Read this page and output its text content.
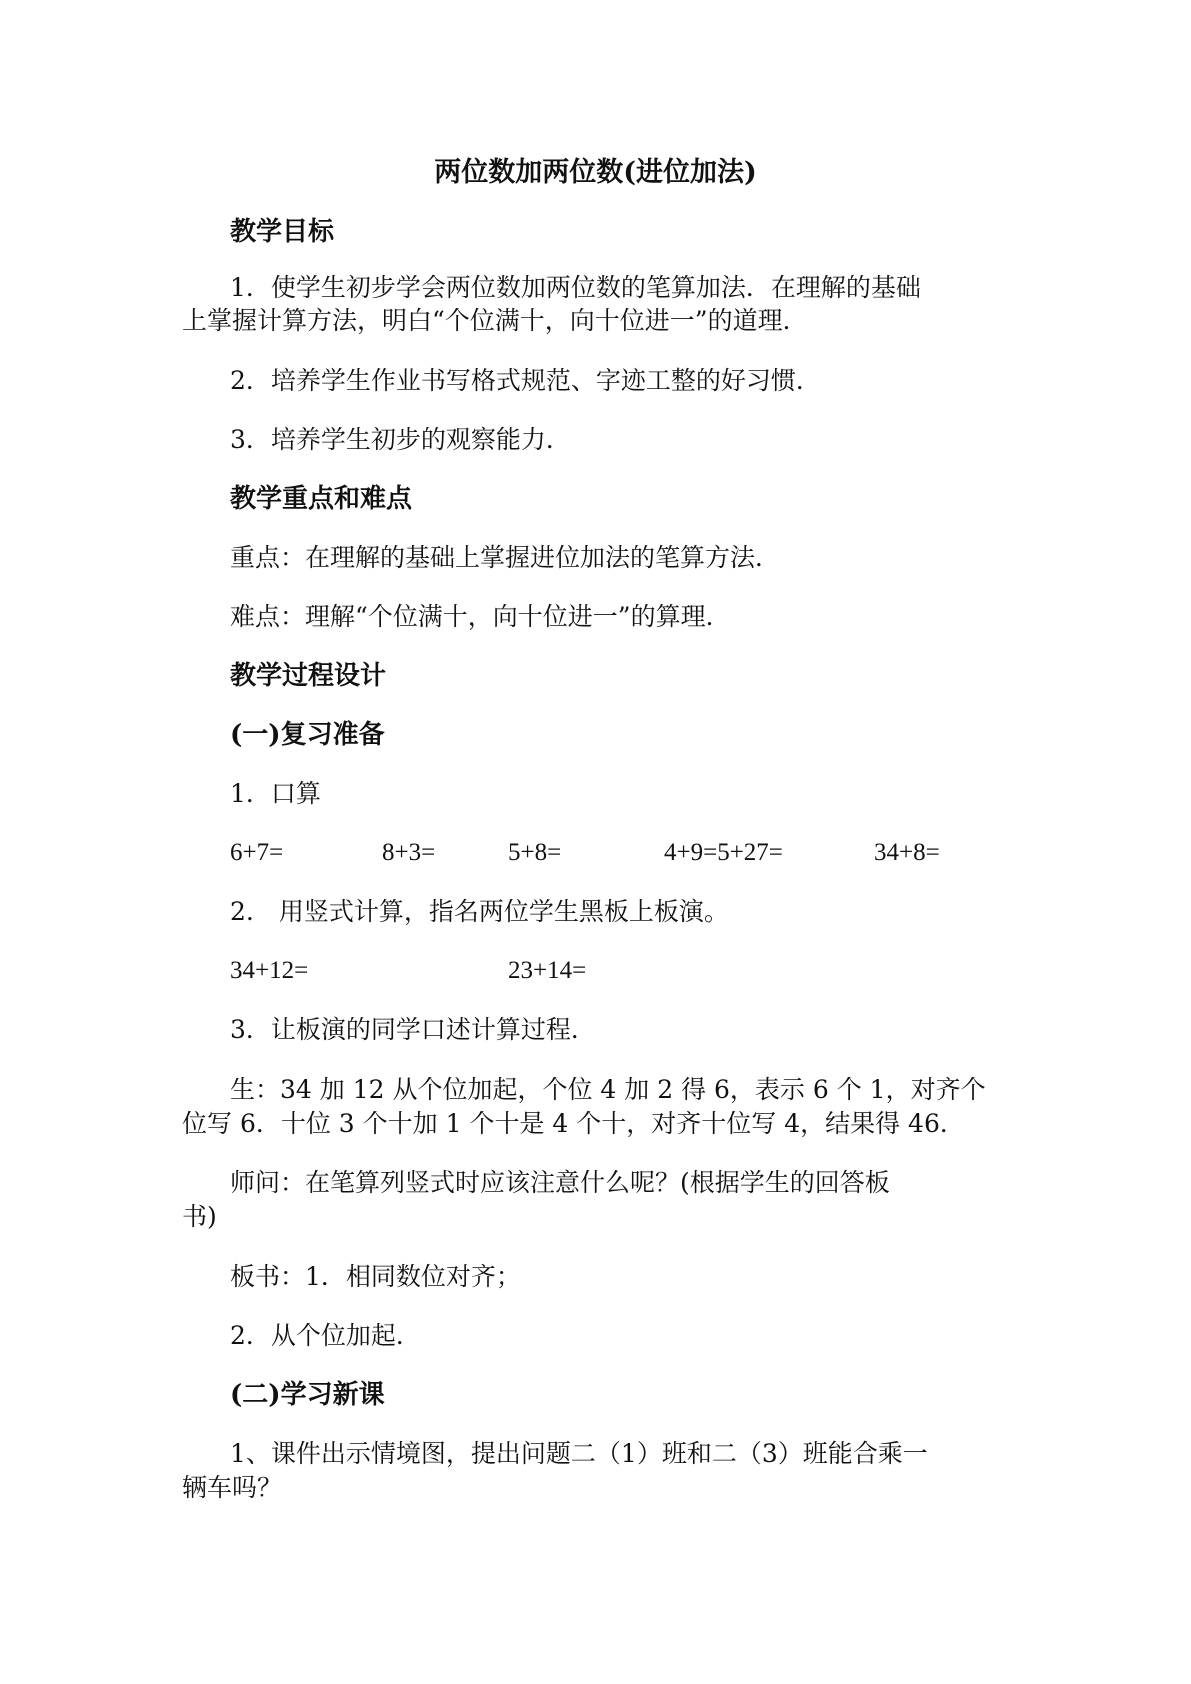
两位数加两位数(进位加法)
教学目标
1．使学生初步学会两位数加两位数的笔算加法．在理解的基础
上掌握计算方法，明白“个位满十，向十位进一”的道理．
2．培养学生作业书写格式规范、字迹工整的好习惯．
3．培养学生初步的观察能力．
教学重点和难点
重点：在理解的基础上掌握进位加法的笔算方法．
难点：理解“个位满十，向十位进一”的算理．
教学过程设计
(一)复习准备
1．口算
6+7=	8+3=	5+8=	4+9=5+27=	34+8=
2.　用竖式计算，指名两位学生黑板上板演。
34+12=	23+14=
3．让板演的同学口述计算过程．
生：34 加 12 从个位加起，个位 4 加 2 得 6，表示 6 个 1，对齐个
位写 6．十位 3 个十加 1 个十是 4 个十，对齐十位写 4，结果得 46．
师问：在笔算列竖式时应该注意什么呢？(根据学生的回答板
书)
板书：1．相同数位对齐；
2．从个位加起．
(二)学习新课
1、课件出示情境图，提出问题二（1）班和二（3）班能合乘一
辆车吗？
